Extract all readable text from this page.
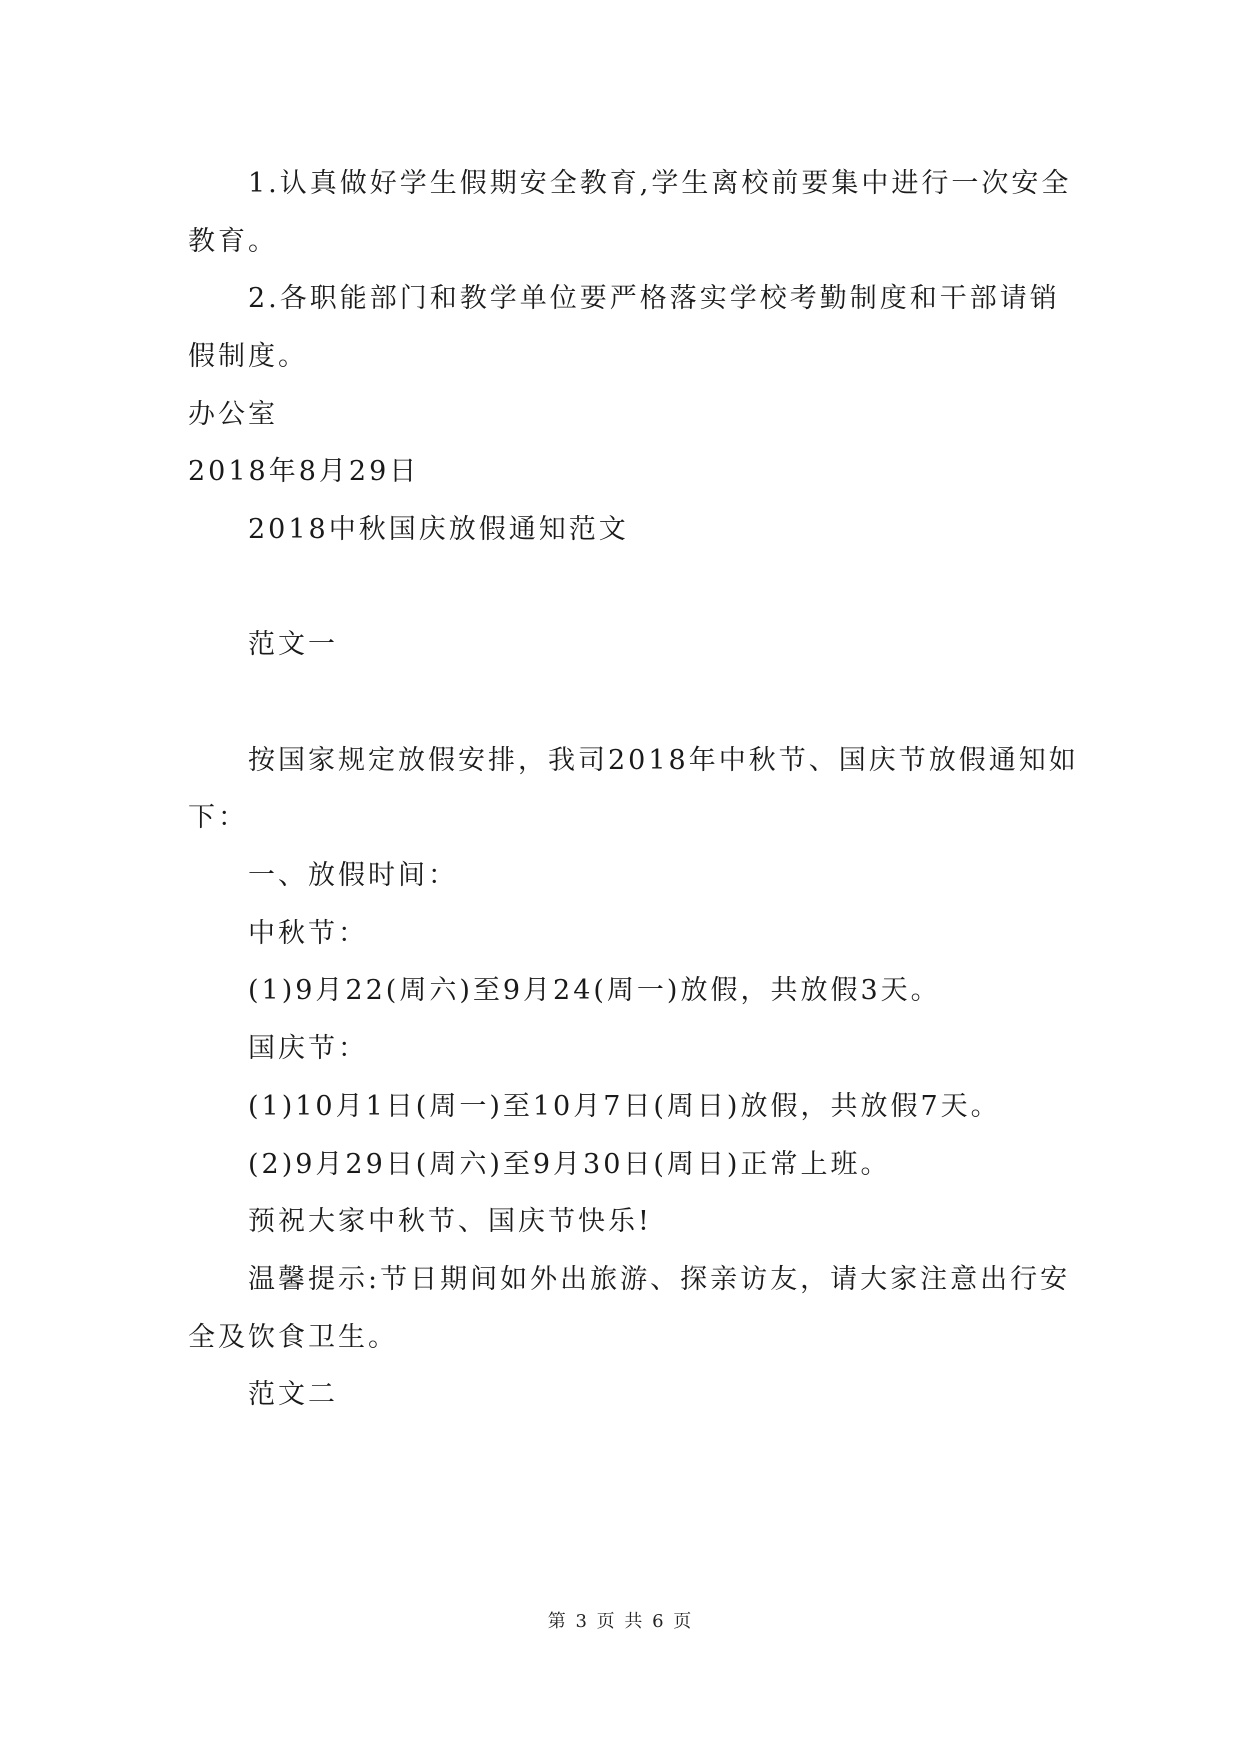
1.认真做好学生假期安全教育,学生离校前要集中进行一次安全
教育。
2.各职能部门和教学单位要严格落实学校考勤制度和干部请销
假制度。
办公室
2018年8月29日
2018中秋国庆放假通知范文
范文一
按国家规定放假安排，我司2018年中秋节、国庆节放假通知如
下：
一、放假时间：
中秋节：
(1)9月22(周六)至9月24(周一)放假，共放假3天。
国庆节：
(1)10月1日(周一)至10月7日(周日)放假，共放假7天。
(2)9月29日(周六)至9月30日(周日)正常上班。
预祝大家中秋节、国庆节快乐!
温馨提示:节日期间如外出旅游、探亲访友，请大家注意出行安
全及饮食卫生。
范文二
第 3 页 共 6 页
